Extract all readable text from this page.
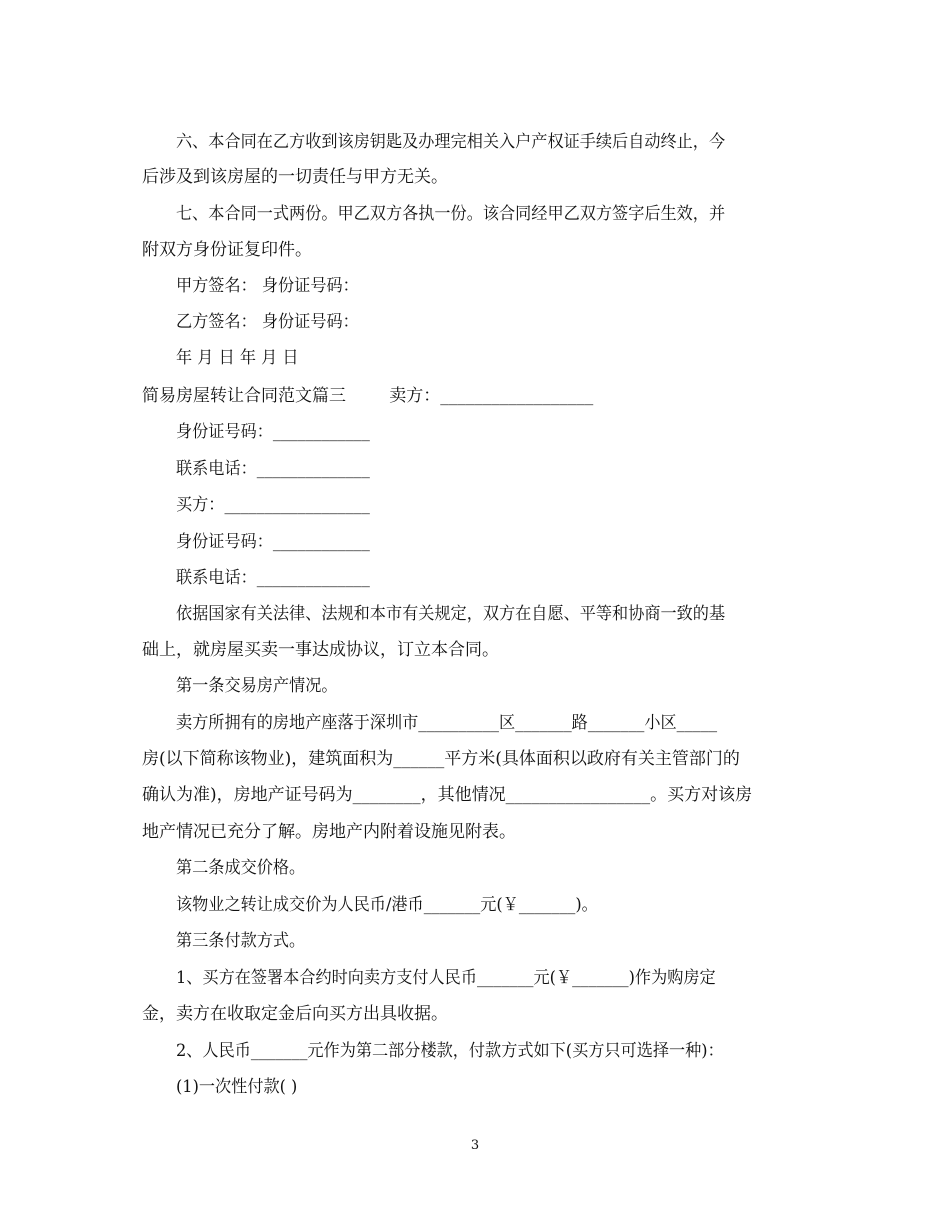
六、本合同在乙方收到该房钥匙及办理完相关入户产权证手续后自动终止，今
后涉及到该房屋的一切责任与甲方无关。
七、本合同一式两份。甲乙双方各执一份。该合同经甲乙双方签字后生效，并
附双方身份证复印件。
甲方签名： 身份证号码：
乙方签名： 身份证号码：
年 月 日 年 月 日
简易房屋转让合同范文篇三        卖方：__________________
身份证号码：____________
联系电话：______________
买方：__________________
身份证号码：____________
联系电话：______________
依据国家有关法律、法规和本市有关规定，双方在自愿、平等和协商一致的基
础上，就房屋买卖一事达成协议，订立本合同。
第一条交易房产情况。
卖方所拥有的房地产座落于深圳市__________区_______路_______小区_____
房(以下简称该物业)，建筑面积为______平方米(具体面积以政府有关主管部门的
确认为准)，房地产证号码为________，其他情况_________________。买方对该房
地产情况已充分了解。房地产内附着设施见附表。
第二条成交价格。
该物业之转让成交价为人民币/港币_______元(￥_______)。
第三条付款方式。
1、买方在签署本合约时向卖方支付人民币_______元(￥_______)作为购房定
金，卖方在收取定金后向买方出具收据。
2、人民币_______元作为第二部分楼款，付款方式如下(买方只可选择一种)：
(1)一次性付款( )
3
